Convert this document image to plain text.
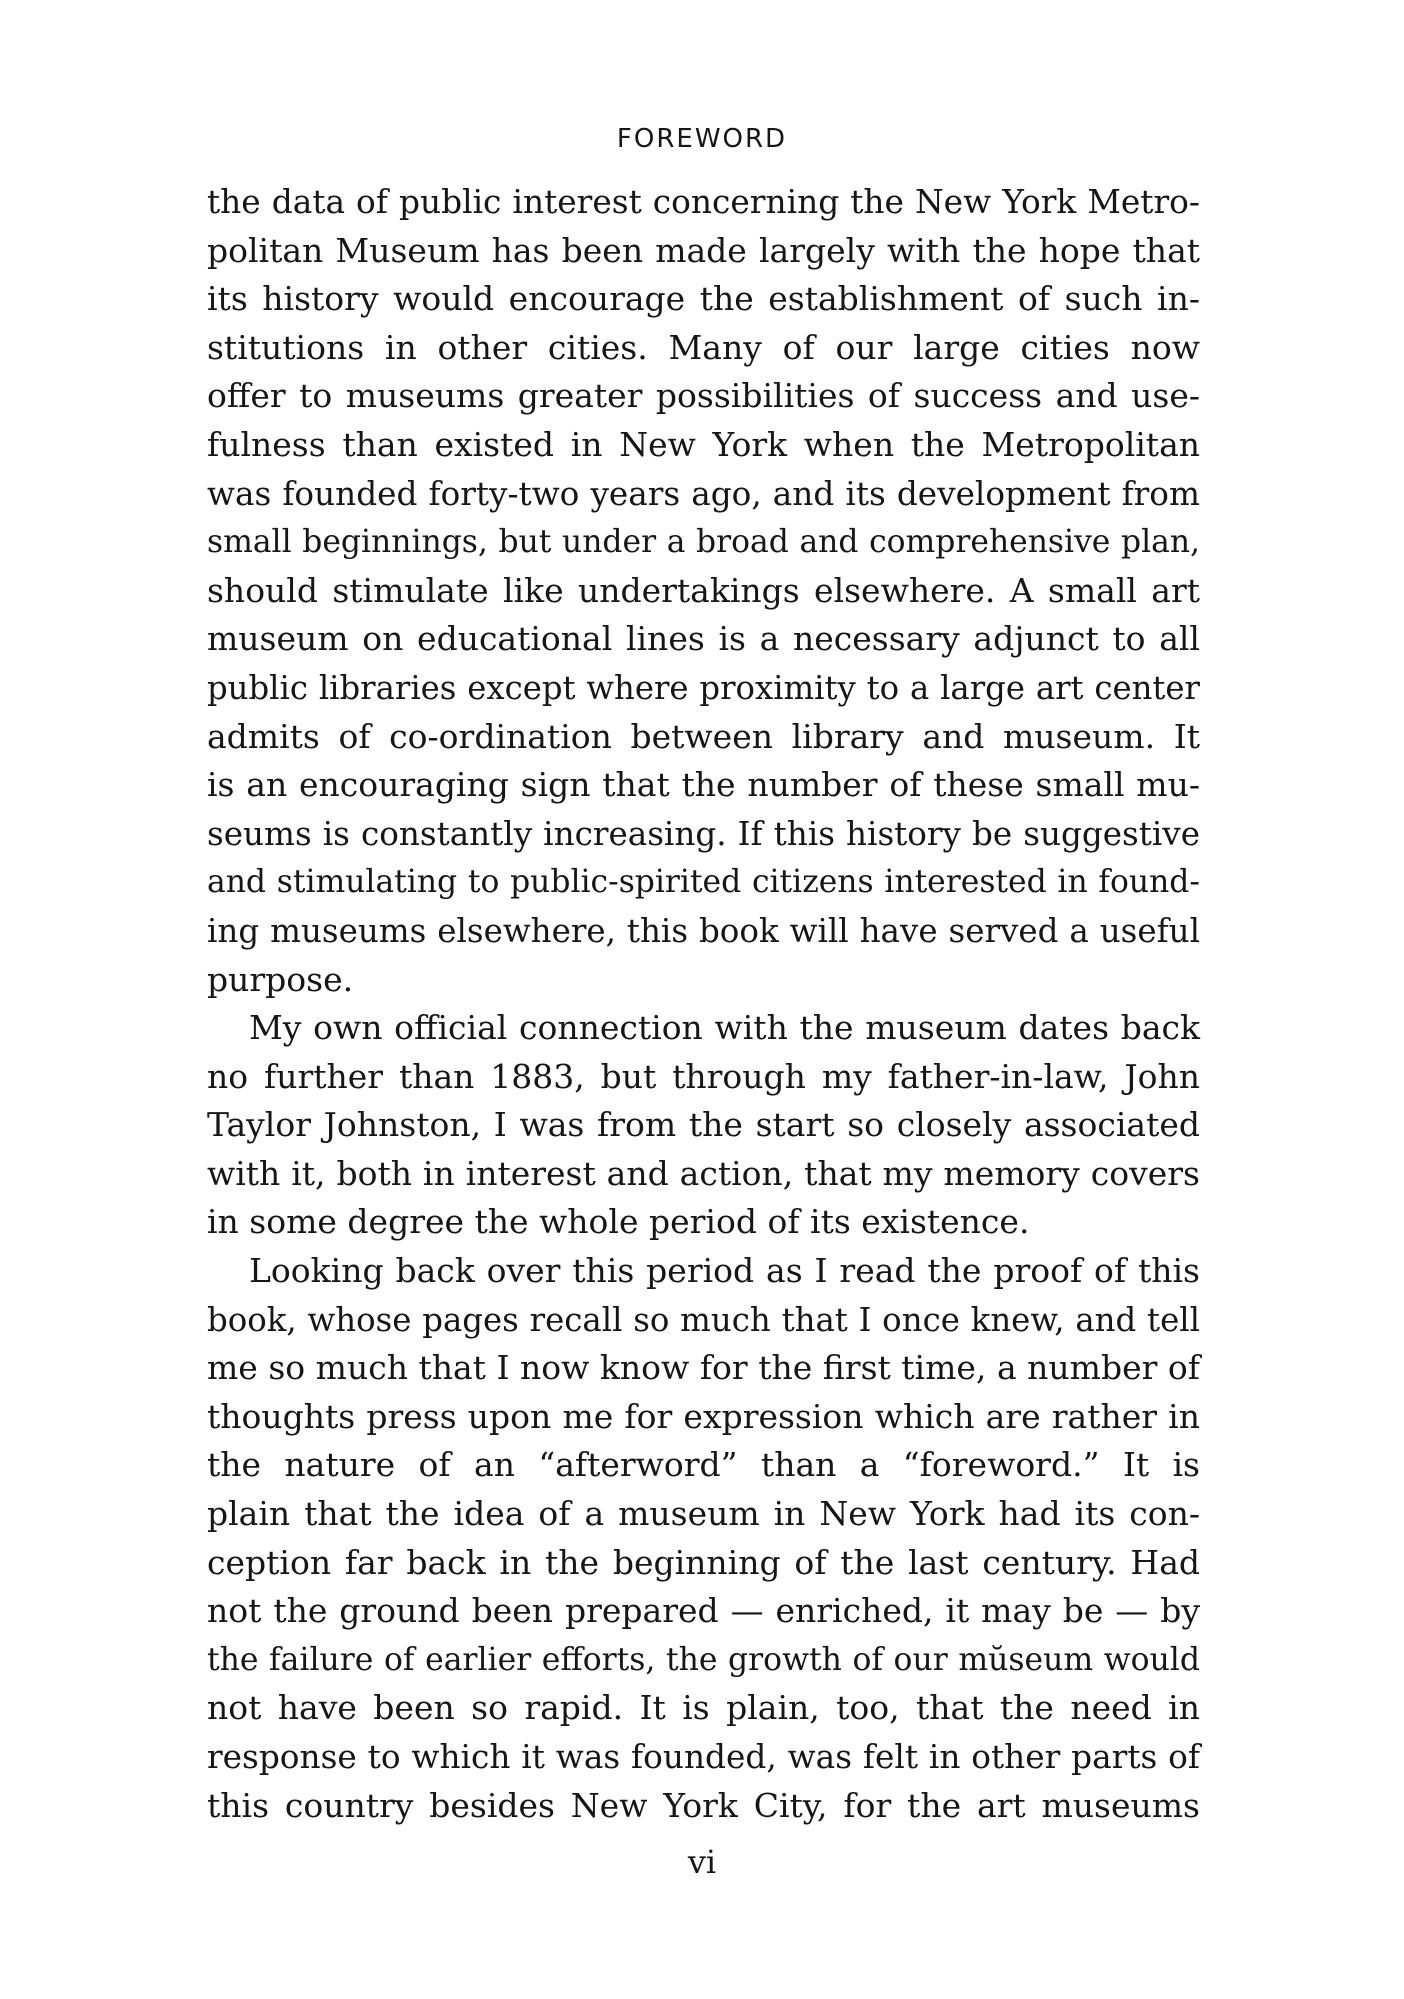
FOREWORD
the data of public interest concerning the New York Metro-
politan Museum has been made largely with the hope that
its history would encourage the establishment of such in-
stitutions in other cities. Many of our large cities now
offer to museums greater possibilities of success and use-
fulness than existed in New York when the Metropolitan
was founded forty-two years ago, and its development from
small beginnings, but under a broad and comprehensive plan,
should stimulate like undertakings elsewhere. A small art
museum on educational lines is a necessary adjunct to all
public libraries except where proximity to a large art center
admits of co-ordination between library and museum. It
is an encouraging sign that the number of these small mu-
seums is constantly increasing. If this history be suggestive
and stimulating to public-spirited citizens interested in found-
ing museums elsewhere, this book will have served a useful
purpose.
My own official connection with the museum dates back
no further than 1883, but through my father-in-law, John
Taylor Johnston, I was from the start so closely associated
with it, both in interest and action, that my memory covers
in some degree the whole period of its existence.
Looking back over this period as I read the proof of this
book, whose pages recall so much that I once knew, and tell
me so much that I now know for the first time, a number of
thoughts press upon me for expression which are rather in
the nature of an “afterword” than a “foreword.” It is
plain that the idea of a museum in New York had its con-
ception far back in the beginning of the last century. Had
not the ground been prepared — enriched, it may be — by
the failure of earlier efforts, the growth of our mŭseum would
not have been so rapid. It is plain, too, that the need in
response to which it was founded, was felt in other parts of
this country besides New York City, for the art museums
vi
